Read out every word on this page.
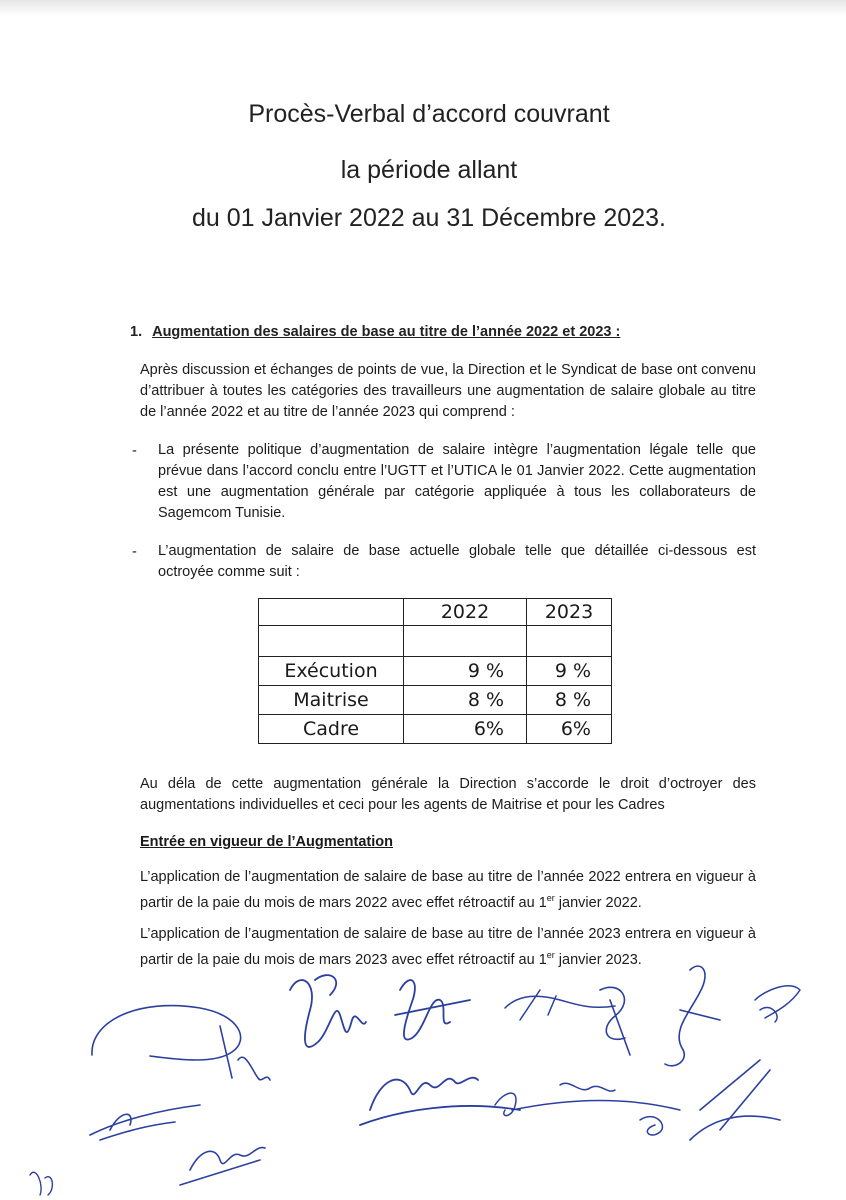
Procès-Verbal d’accord couvrant
la période allant
du 01 Janvier 2022 au 31 Décembre 2023.
1. Augmentation des salaires de base au titre de l’année 2022 et 2023 :
Après discussion et échanges de points de vue, la Direction et le Syndicat de base ont convenu d’attribuer à toutes les catégories des travailleurs une augmentation de salaire globale au titre de l’année 2022 et au titre de l’année 2023 qui comprend :
- La présente politique d’augmentation de salaire intègre l’augmentation légale telle que prévue dans l’accord conclu entre l’UGTT et l’UTICA le 01 Janvier 2022. Cette augmentation est une augmentation générale par catégorie appliquée à tous les collaborateurs de Sagemcom Tunisie.
- L’augmentation de salaire de base actuelle globale telle que détaillée ci-dessous est octroyée comme suit :
	2022	2023

Exécution	9 %	9 %
Maitrise	8 %	8 %
Cadre	6%	6%
Au déla de cette augmentation générale la Direction s’accorde le droit d’octroyer des augmentations individuelles et ceci pour les agents de Maitrise et pour les Cadres
Entrée en vigueur de l’Augmentation
L’application de l’augmentation de salaire de base au titre de l’année 2022 entrera en vigueur à partir de la paie du mois de mars 2022 avec effet rétroactif au 1er janvier 2022.
L’application de l’augmentation de salaire de base au titre de l’année 2023 entrera en vigueur à partir de la paie du mois de mars 2023 avec effet rétroactif au 1er janvier 2023.
